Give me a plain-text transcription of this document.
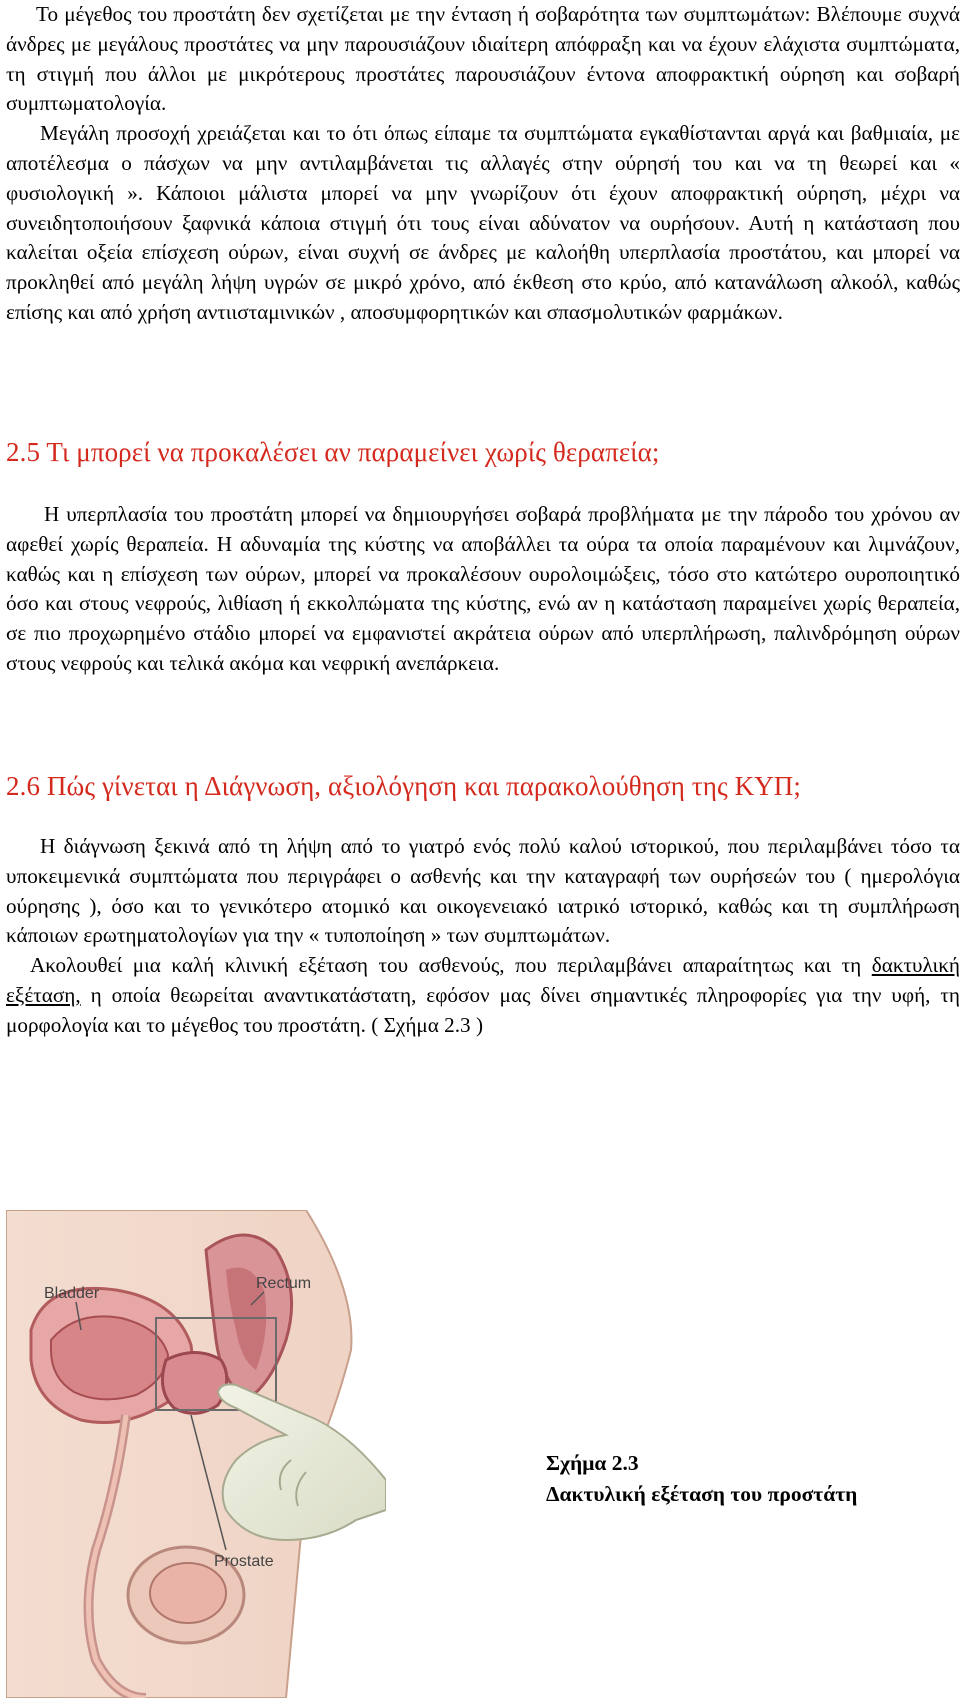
Το μέγεθος του προστάτη δεν σχετίζεται με την ένταση ή σοβαρότητα των συμπτωμάτων: Βλέπουμε συχνά άνδρες με μεγάλους προστάτες να μην παρουσιάζουν ιδιαίτερη απόφραξη και να έχουν ελάχιστα συμπτώματα, τη στιγμή που άλλοι με μικρότερους προστάτες παρουσιάζουν έντονα αποφρακτική ούρηση και σοβαρή συμπτωματολογία.

Μεγάλη προσοχή χρειάζεται και το ότι όπως είπαμε τα συμπτώματα εγκαθίστανται αργά και βαθμιαία, με αποτέλεσμα ο πάσχων να μην αντιλαμβάνεται τις αλλαγές στην ούρησή του και να τη θεωρεί και « φυσιολογική ». Κάποιοι μάλιστα μπορεί να μην γνωρίζουν ότι έχουν αποφρακτική ούρηση, μέχρι να συνειδητοποιήσουν ξαφνικά κάποια στιγμή ότι τους είναι αδύνατον να ουρήσουν. Αυτή η κατάσταση που καλείται οξεία επίσχεση ούρων, είναι συχνή σε άνδρες με καλοήθη υπερπλασία προστάτου, και μπορεί να προκληθεί από μεγάλη λήψη υγρών σε μικρό χρόνο, από έκθεση στο κρύο, από κατανάλωση αλκοόλ, καθώς επίσης και από χρήση αντιισταμινικών , αποσυμφορητικών και σπασμολυτικών φαρμάκων.

2.5 Τι μπορεί να προκαλέσει αν παραμείνει χωρίς θεραπεία;

Η υπερπλασία του προστάτη μπορεί να δημιουργήσει σοβαρά προβλήματα με την πάροδο του χρόνου αν αφεθεί χωρίς θεραπεία. Η αδυναμία της κύστης να αποβάλλει τα ούρα τα οποία παραμένουν και λιμνάζουν, καθώς και η επίσχεση των ούρων, μπορεί να προκαλέσουν ουρολοιμώξεις, τόσο στο κατώτερο ουροποιητικό όσο και στους νεφρούς, λιθίαση ή εκκολπώματα της κύστης, ενώ αν η κατάσταση παραμείνει χωρίς θεραπεία, σε πιο προχωρημένο στάδιο μπορεί να εμφανιστεί ακράτεια ούρων από υπερπλήρωση, παλινδρόμηση ούρων στους νεφρούς και τελικά ακόμα και νεφρική ανεπάρκεια.

2.6 Πώς γίνεται η Διάγνωση, αξιολόγηση και παρακολούθηση της ΚΥΠ;

Η διάγνωση ξεκινά από τη λήψη από το γιατρό ενός πολύ καλού ιστορικού, που περιλαμβάνει τόσο τα υποκειμενικά συμπτώματα που περιγράφει ο ασθενής και την καταγραφή των ουρήσεών του ( ημερολόγια ούρησης ), όσο και το γενικότερο ατομικό και οικογενειακό ιατρικό ιστορικό, καθώς και τη συμπλήρωση κάποιων ερωτηματολογίων για την « τυποποίηση » των συμπτωμάτων.

Ακολουθεί μια καλή κλινική εξέταση του ασθενούς, που περιλαμβάνει απαραίτητως και τη δακτυλική εξέταση, η οποία θεωρείται αναντικατάστατη, εφόσον μας δίνει σημαντικές πληροφορίες για την υφή, τη μορφολογία και το μέγεθος του προστάτη. ( Σχήμα 2.3 )

Bladder
Rectum
Prostate
Σχήμα 2.3
Δακτυλική εξέταση του προστάτη
